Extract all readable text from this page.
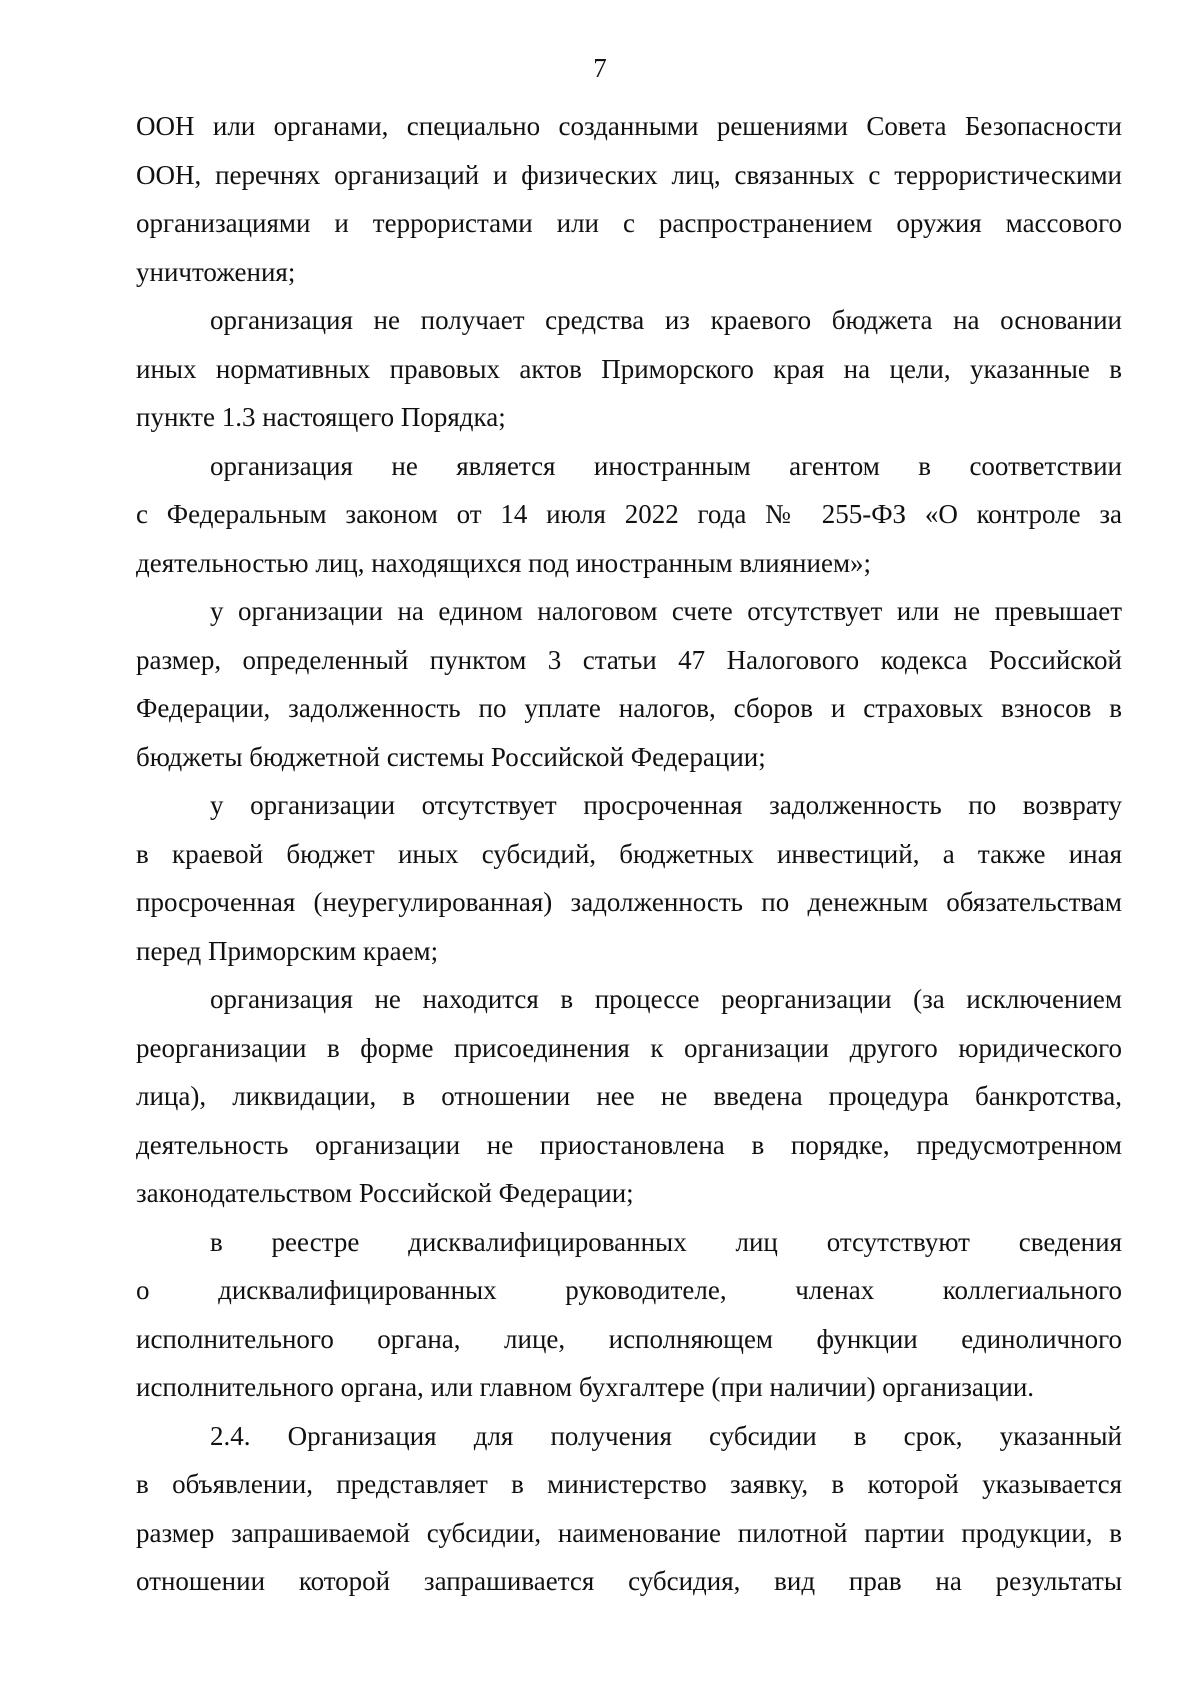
7
ООН или органами, специально созданными решениями Совета Безопасности
ООН, перечнях организаций и физических лиц, связанных с террористическими
организациями и террористами или с распространением оружия массового
уничтожения;
организация не получает средства из краевого бюджета на основании
иных нормативных правовых актов Приморского края на цели, указанные в
пункте 1.3 настоящего Порядка;
организация не является иностранным агентом в соответствии
с Федеральным законом от 14 июля 2022 года № 255-ФЗ «О контроле за
деятельностью лиц, находящихся под иностранным влиянием»;
у организации на едином налоговом счете отсутствует или не превышает
размер, определенный пунктом 3 статьи 47 Налогового кодекса Российской
Федерации, задолженность по уплате налогов, сборов и страховых взносов в
бюджеты бюджетной системы Российской Федерации;
у организации отсутствует просроченная задолженность по возврату
в краевой бюджет иных субсидий, бюджетных инвестиций, а также иная
просроченная (неурегулированная) задолженность по денежным обязательствам
перед Приморским краем;
организация не находится в процессе реорганизации (за исключением
реорганизации в форме присоединения к организации другого юридического
лица), ликвидации, в отношении нее не введена процедура банкротства,
деятельность организации не приостановлена в порядке, предусмотренном
законодательством Российской Федерации;
в реестре дисквалифицированных лиц отсутствуют сведения
о дисквалифицированных руководителе, членах коллегиального
исполнительного органа, лице, исполняющем функции единоличного
исполнительного органа, или главном бухгалтере (при наличии) организации.
2.4. Организация для получения субсидии в срок, указанный
в объявлении, представляет в министерство заявку, в которой указывается
размер запрашиваемой субсидии, наименование пилотной партии продукции, в
отношении которой запрашивается субсидия, вид прав на результаты
